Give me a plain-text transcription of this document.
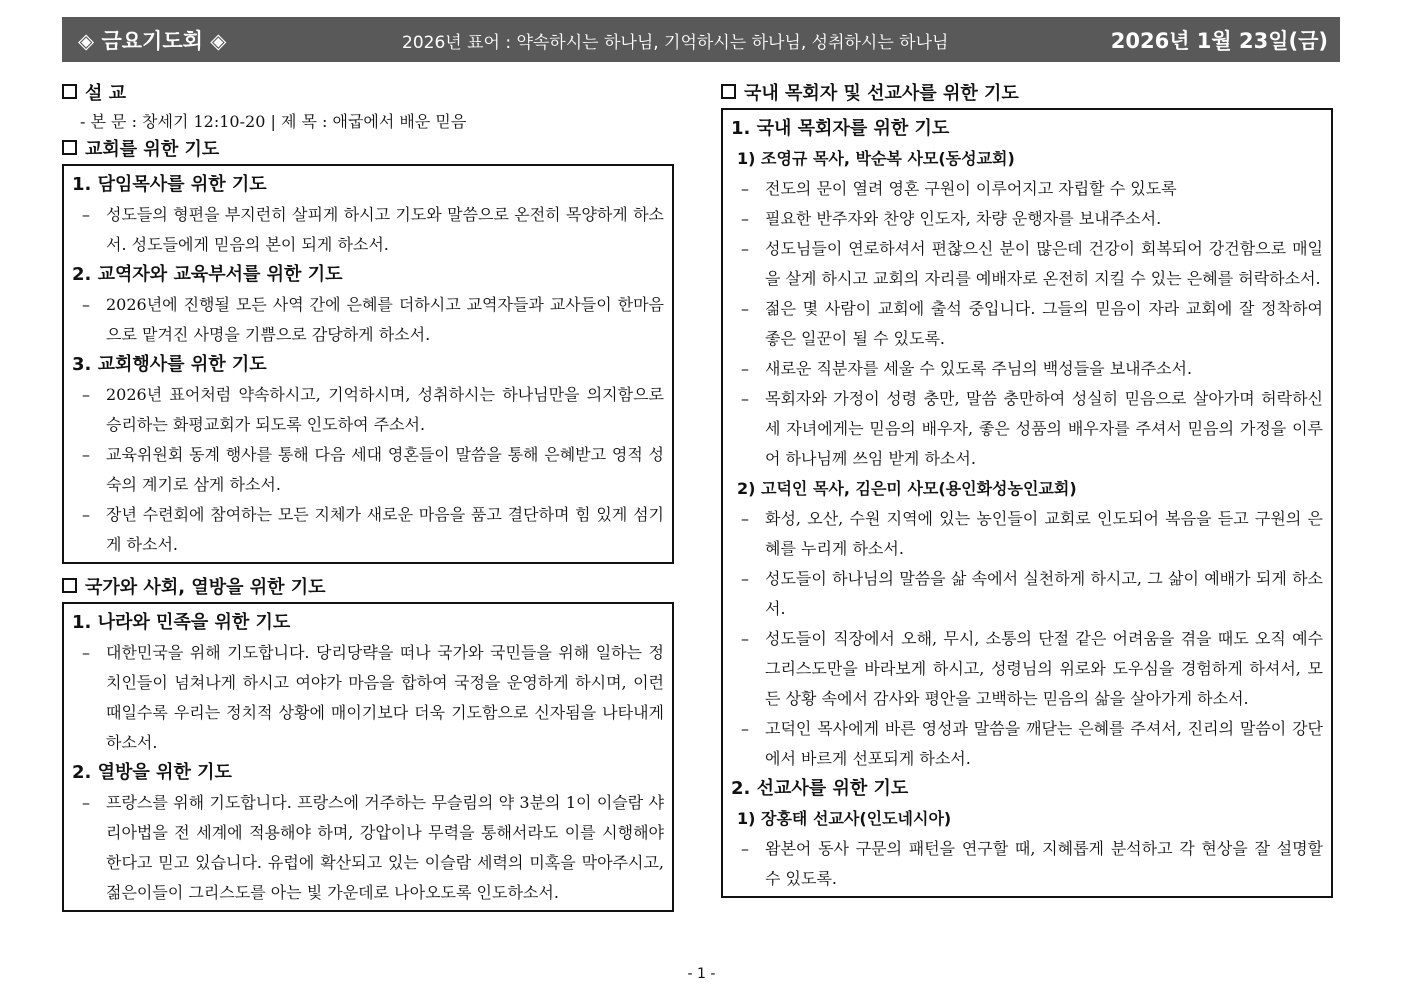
◈ 금요기도회 ◈	2026년 표어 : 약속하시는 하나님, 기억하시는 하나님, 성취하시는 하나님	2026년 1월 23일(금)
설 교
- 본 문 : 창세기 12:10-20 | 제 목 : 애굽에서 배운 믿음
교회를 위한 기도
1. 담임목사를 위한 기도
– 성도들의 형편을 부지런히 살피게 하시고 기도와 말씀으로 온전히 목양하게 하소서. 성도들에게 믿음의 본이 되게 하소서.
2. 교역자와 교육부서를 위한 기도
– 2026년에 진행될 모든 사역 간에 은혜를 더하시고 교역자들과 교사들이 한마음으로 맡겨진 사명을 기쁨으로 감당하게 하소서.
3. 교회행사를 위한 기도
– 2026년 표어처럼 약속하시고, 기억하시며, 성취하시는 하나님만을 의지함으로 승리하는 화평교회가 되도록 인도하여 주소서.
– 교육위원회 동계 행사를 통해 다음 세대 영혼들이 말씀을 통해 은혜받고 영적 성숙의 계기로 삼게 하소서.
– 장년 수련회에 참여하는 모든 지체가 새로운 마음을 품고 결단하며 힘 있게 섬기게 하소서.
국가와 사회, 열방을 위한 기도
1. 나라와 민족을 위한 기도
– 대한민국을 위해 기도합니다. 당리당략을 떠나 국가와 국민들을 위해 일하는 정치인들이 넘쳐나게 하시고 여야가 마음을 합하여 국정을 운영하게 하시며, 이런 때일수록 우리는 정치적 상황에 매이기보다 더욱 기도함으로 신자됨을 나타내게 하소서.
2. 열방을 위한 기도
– 프랑스를 위해 기도합니다. 프랑스에 거주하는 무슬림의 약 3분의 1이 이슬람 샤리아법을 전 세계에 적용해야 하며, 강압이나 무력을 통해서라도 이를 시행해야 한다고 믿고 있습니다. 유럽에 확산되고 있는 이슬람 세력의 미혹을 막아주시고, 젊은이들이 그리스도를 아는 빛 가운데로 나아오도록 인도하소서.
국내 목회자 및 선교사를 위한 기도
1. 국내 목회자를 위한 기도
1) 조영규 목사, 박순복 사모(동성교회)
– 전도의 문이 열려 영혼 구원이 이루어지고 자립할 수 있도록
– 필요한 반주자와 찬양 인도자, 차량 운행자를 보내주소서.
– 성도님들이 연로하셔서 편찮으신 분이 많은데 건강이 회복되어 강건함으로 매일을 살게 하시고 교회의 자리를 예배자로 온전히 지킬 수 있는 은혜를 허락하소서.
– 젊은 몇 사람이 교회에 출석 중입니다. 그들의 믿음이 자라 교회에 잘 정착하여 좋은 일꾼이 될 수 있도록.
– 새로운 직분자를 세울 수 있도록 주님의 백성들을 보내주소서.
– 목회자와 가정이 성령 충만, 말씀 충만하여 성실히 믿음으로 살아가며 허락하신 세 자녀에게는 믿음의 배우자, 좋은 성품의 배우자를 주셔서 믿음의 가정을 이루어 하나님께 쓰임 받게 하소서.
2) 고덕인 목사, 김은미 사모(용인화성농인교회)
– 화성, 오산, 수원 지역에 있는 농인들이 교회로 인도되어 복음을 듣고 구원의 은혜를 누리게 하소서.
– 성도들이 하나님의 말씀을 삶 속에서 실천하게 하시고, 그 삶이 예배가 되게 하소서.
– 성도들이 직장에서 오해, 무시, 소통의 단절 같은 어려움을 겪을 때도 오직 예수 그리스도만을 바라보게 하시고, 성령님의 위로와 도우심을 경험하게 하셔서, 모든 상황 속에서 감사와 평안을 고백하는 믿음의 삶을 살아가게 하소서.
– 고덕인 목사에게 바른 영성과 말씀을 깨닫는 은혜를 주셔서, 진리의 말씀이 강단에서 바르게 선포되게 하소서.
2. 선교사를 위한 기도
1) 장홍태 선교사(인도네시아)
– 왐본어 동사 구문의 패턴을 연구할 때, 지혜롭게 분석하고 각 현상을 잘 설명할 수 있도록.
- 1 -
